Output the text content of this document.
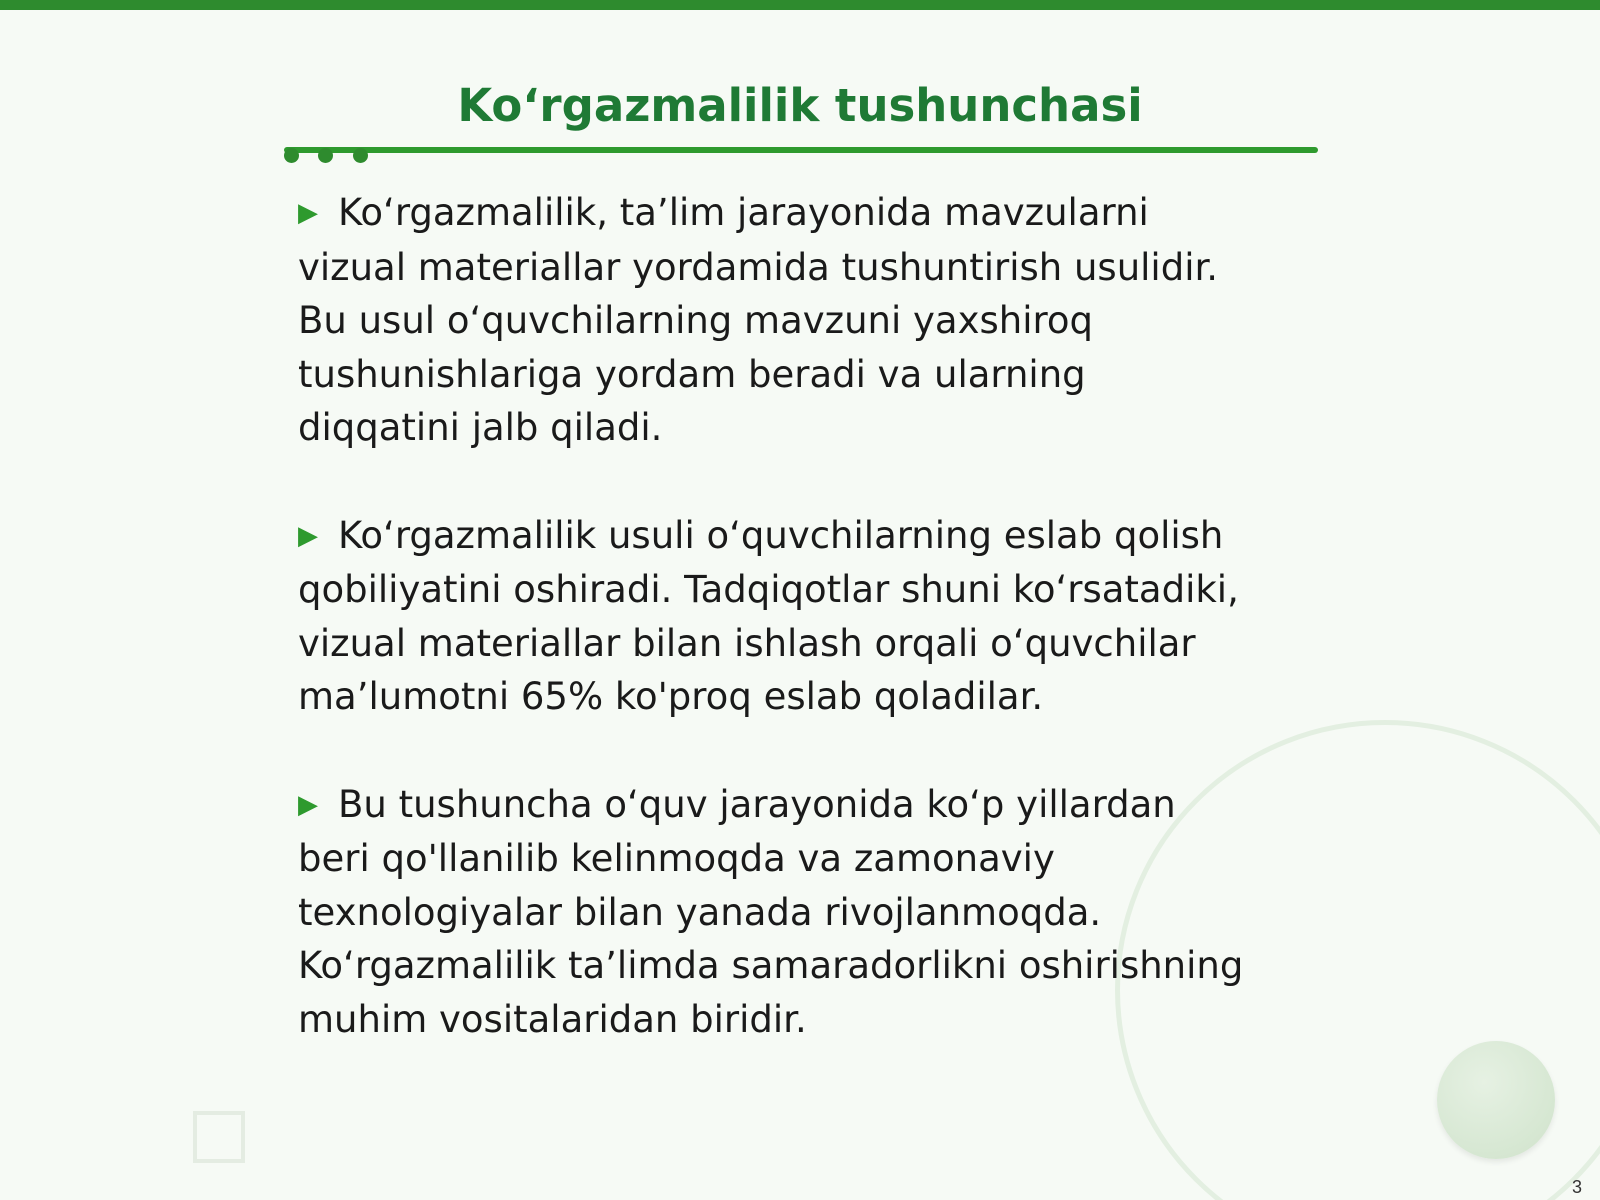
Ko‘rgazmalilik tushunchasi

▶ Ko‘rgazmalilik, ta’lim jarayonida mavzularni vizual materiallar yordamida tushuntirish usulidir. Bu usul o‘quvchilarning mavzuni yaxshiroq tushunishlariga yordam beradi va ularning diqqatini jalb qiladi.

▶ Ko‘rgazmalilik usuli o‘quvchilarning eslab qolish qobiliyatini oshiradi. Tadqiqotlar shuni ko‘rsatadiki, vizual materiallar bilan ishlash orqali o‘quvchilar ma’lumotni 65% ko'proq eslab qoladilar.

▶ Bu tushuncha o‘quv jarayonida ko‘p yillardan beri qo'llanilib kelinmoqda va zamonaviy texnologiyalar bilan yanada rivojlanmoqda. Ko‘rgazmalilik ta’limda samaradorlikni oshirishning muhim vositalaridan biridir.

3
